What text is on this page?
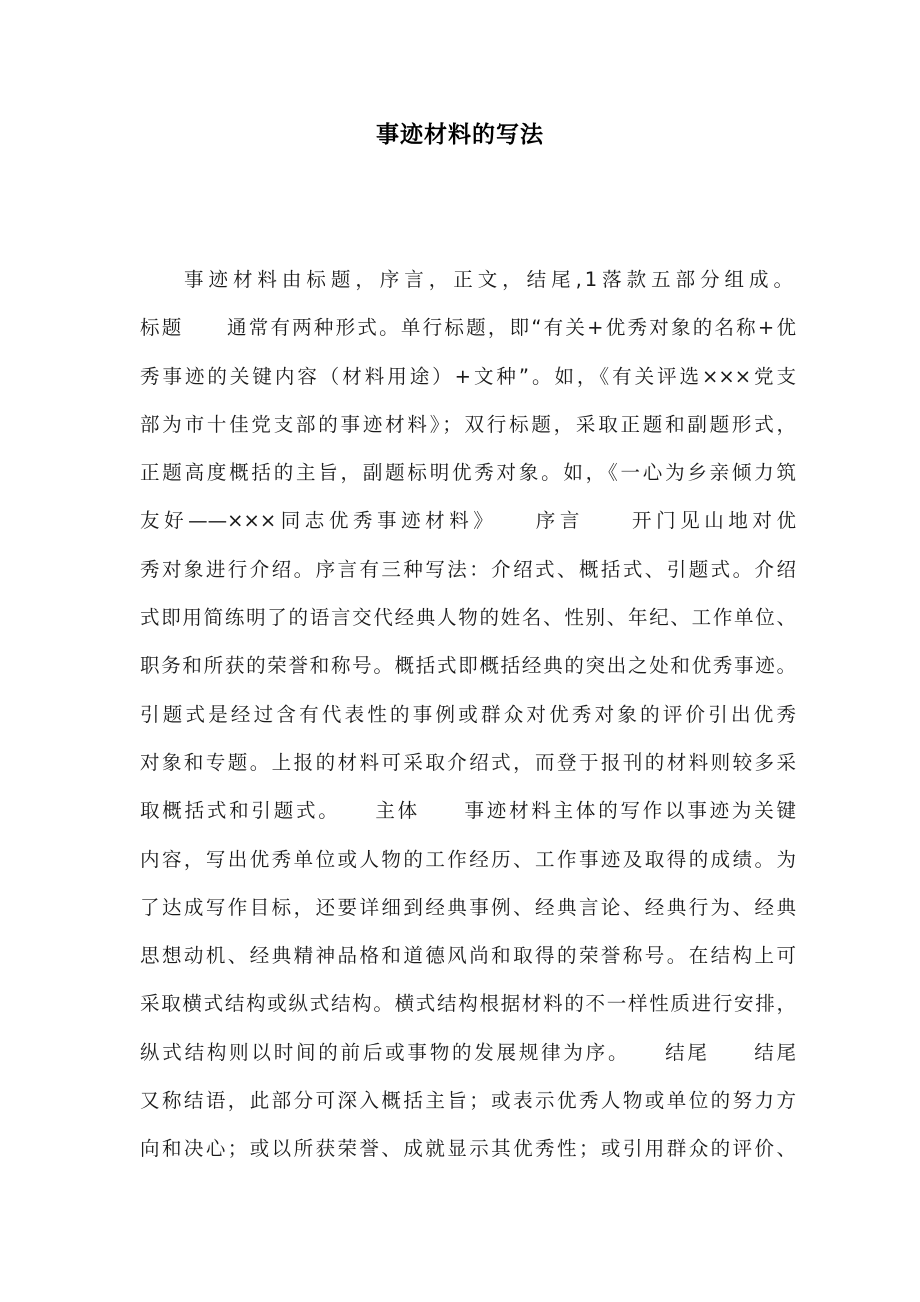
事迹材料的写法
事迹材料由标题，序言，正文，结尾,1落款五部分组成。
标题　　通常有两种形式。单行标题，即“有关+优秀对象的名称+优
秀事迹的关键内容（材料用途）+文种”。如，《有关评选×××党支
部为市十佳党支部的事迹材料》；双行标题，采取正题和副题形式，
正题高度概括的主旨，副题标明优秀对象。如，《一心为乡亲倾力筑
友好——×××同志优秀事迹材料》　　序言　　开门见山地对优
秀对象进行介绍。序言有三种写法：介绍式、概括式、引题式。介绍
式即用简练明了的语言交代经典人物的姓名、性别、年纪、工作单位、
职务和所获的荣誉和称号。概括式即概括经典的突出之处和优秀事迹。
引题式是经过含有代表性的事例或群众对优秀对象的评价引出优秀
对象和专题。上报的材料可采取介绍式，而登于报刊的材料则较多采
取概括式和引题式。　　主体　　事迹材料主体的写作以事迹为关键
内容，写出优秀单位或人物的工作经历、工作事迹及取得的成绩。为
了达成写作目标，还要详细到经典事例、经典言论、经典行为、经典
思想动机、经典精神品格和道德风尚和取得的荣誉称号。在结构上可
采取横式结构或纵式结构。横式结构根据材料的不一样性质进行安排，
纵式结构则以时间的前后或事物的发展规律为序。　　结尾　　结尾
又称结语，此部分可深入概括主旨；或表示优秀人物或单位的努力方
向和决心；或以所获荣誉、成就显示其优秀性；或引用群众的评价、
